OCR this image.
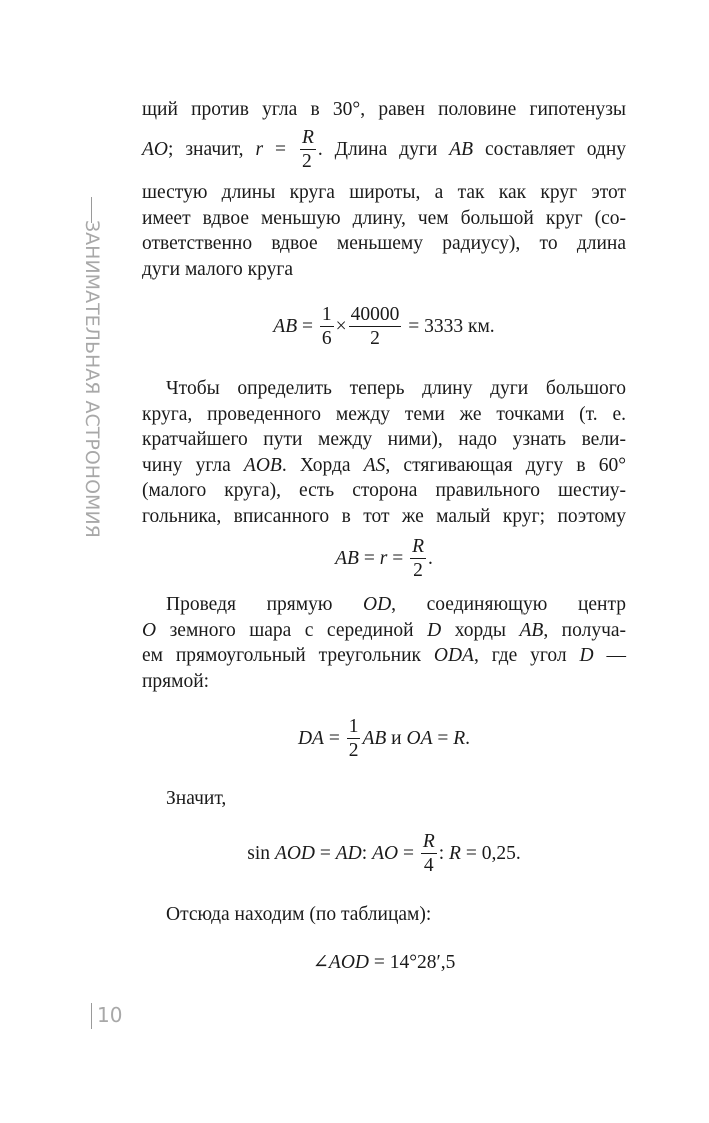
ЗАНИМАТЕЛЬНАЯ АСТРОНОМИЯ
10
щий против угла в 30°, равен половине гипотенузы
AO; значит, $r = \frac{R}{2}$ . Длина дуги AB составляет одну
шестую длины круга широты, а так как круг этот
имеет вдвое меньшую длину, чем большой круг (со-
ответственно вдвое меньшему радиусу), то длина
дуги малого круга
AB = $\frac{1}{6} \times \frac{40000}{2} = 3333$ км.
Чтобы определить теперь длину дуги большого
круга, проведенного между теми же точками (т. е.
кратчайшего пути между ними), надо узнать вели-
чину угла AOB. Хорда AS, стягивающая дугу в 60°
(малого круга), есть сторона правильного шестиу-
гольника, вписанного в тот же малый круг; поэтому
AB = $r = \frac{R}{2}$ .
Проведя прямую OD, соединяющую центр
O земного шара с серединой D хорды AB, получа-
ем прямоугольный треугольник ODA, где угол D —
прямой:
DA = $\frac{1}{2}$ AB и OA = R.
Значит,
sin AOD = AD: AO = $\frac{R}{4}$ : R = 0,25.
Отсюда находим (по таблицам):
∠AOD = 14°28′,5
